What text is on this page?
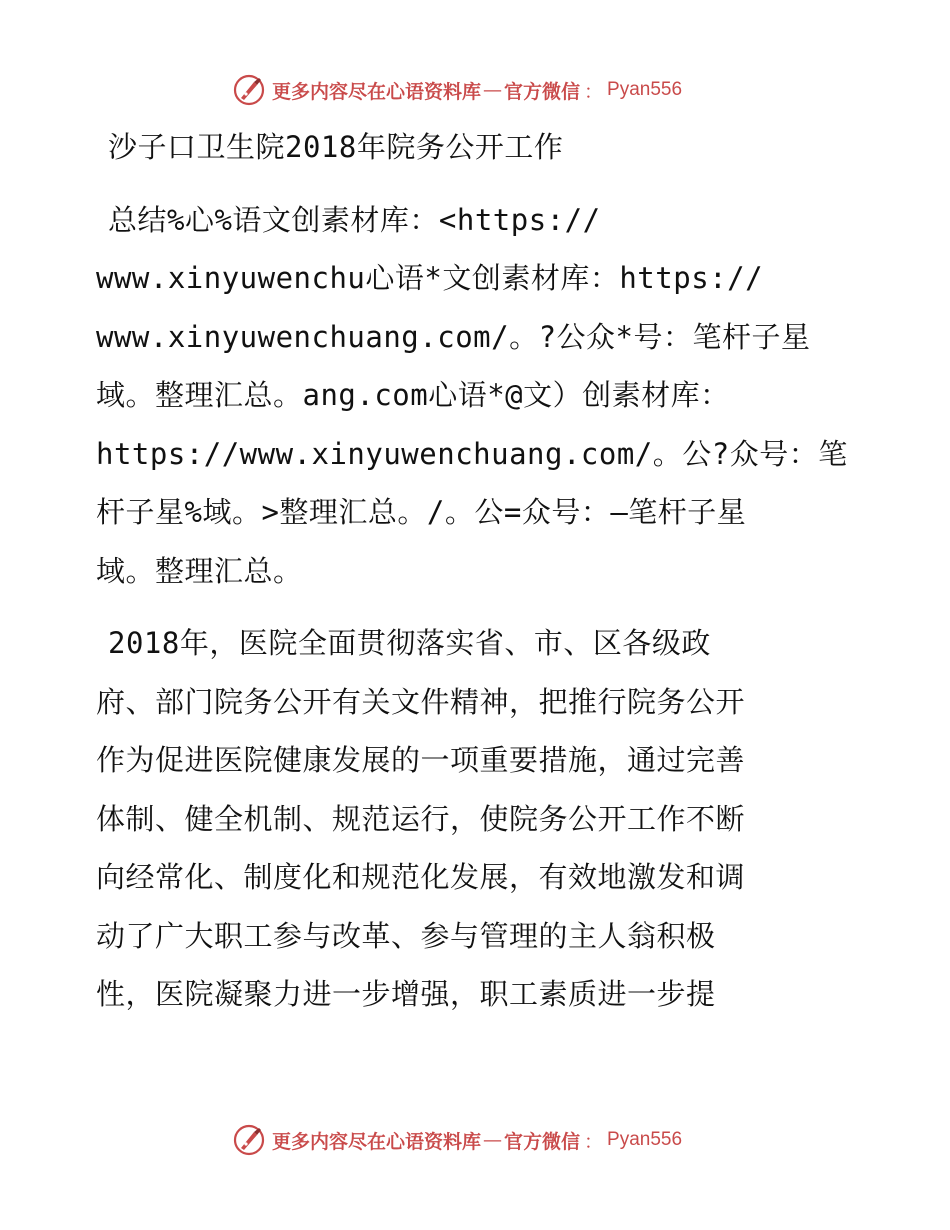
更多内容尽在心语资料库 — 官方微信 ： Pyan556
沙子口卫生院2018年院务公开工作
总结%心%语文创素材库：<https://
www.xinyuwenchu心语*文创素材库：https://
www.xinyuwenchuang.com/。?公众*号：笔杆子星
域。整理汇总。ang.com心语*@文）创素材库：
https://www.xinyuwenchuang.com/。公?众号：笔
杆子星%域。>整理汇总。/。公=众号：—笔杆子星
域。整理汇总。
2018年，医院全面贯彻落实省、市、区各级政
府、部门院务公开有关文件精神，把推行院务公开
作为促进医院健康发展的一项重要措施，通过完善
体制、健全机制、规范运行，使院务公开工作不断
向经常化、制度化和规范化发展，有效地激发和调
动了广大职工参与改革、参与管理的主人翁积极
性，医院凝聚力进一步增强，职工素质进一步提
更多内容尽在心语资料库 — 官方微信 ： Pyan556
